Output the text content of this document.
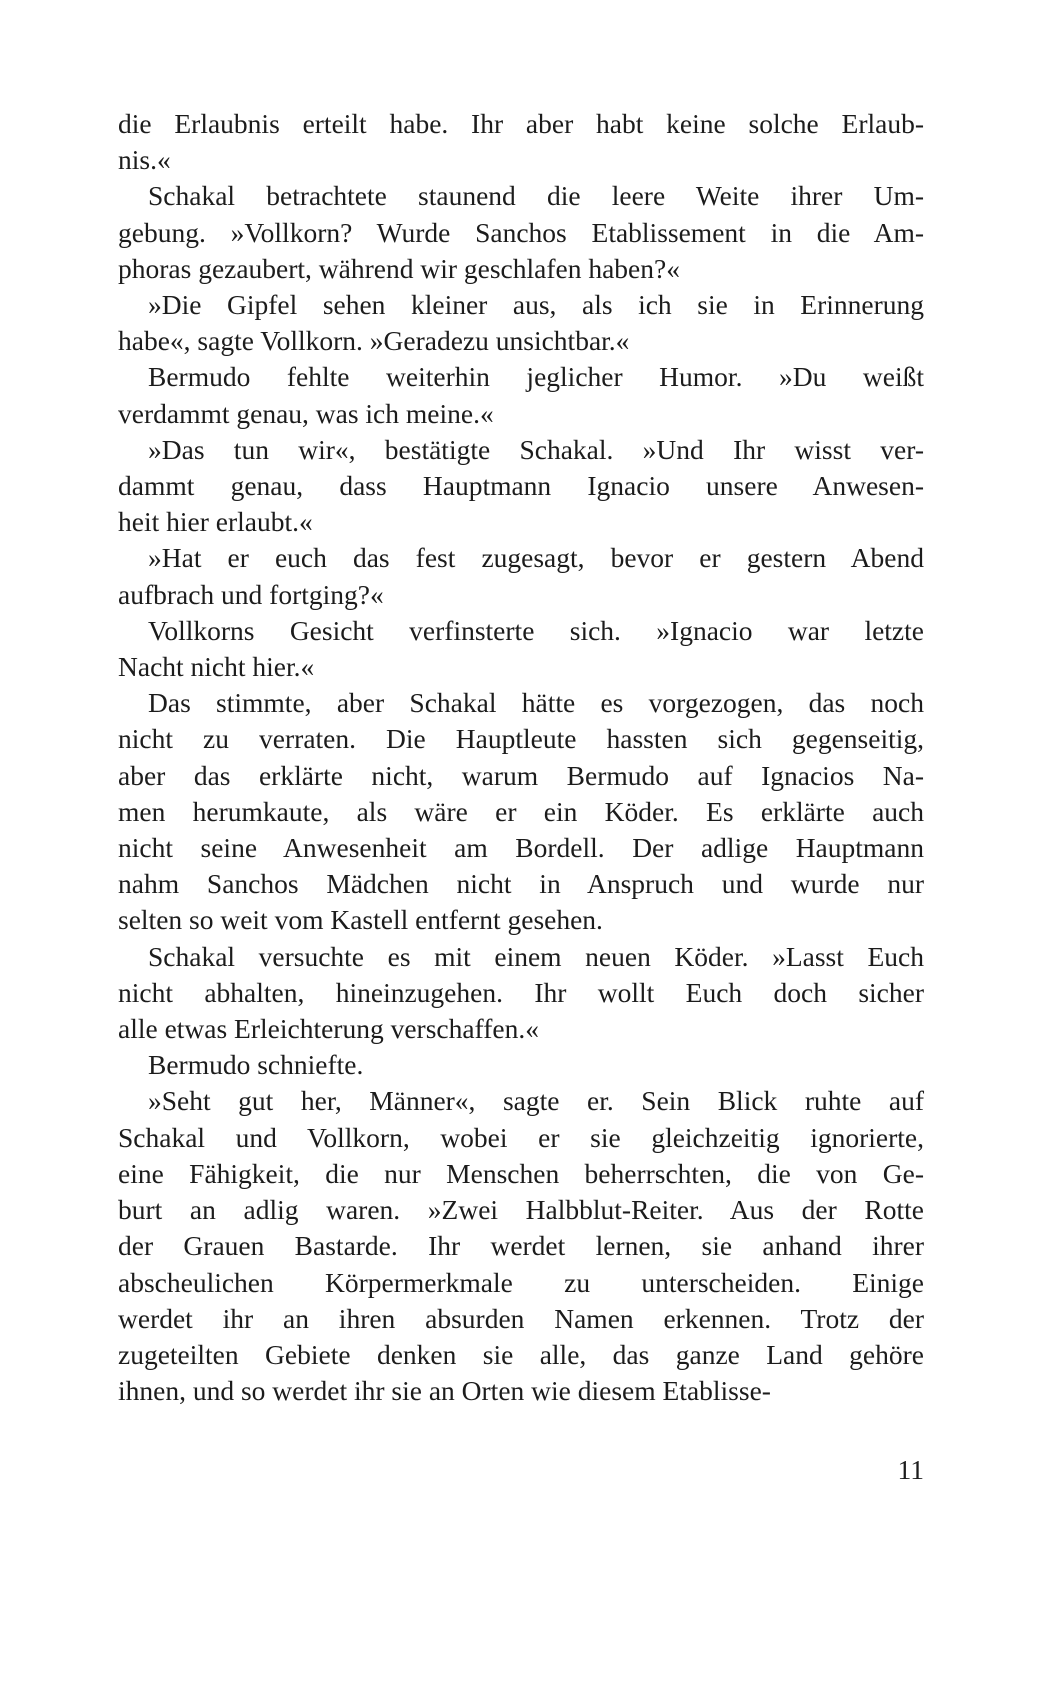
die Erlaubnis erteilt habe. Ihr aber habt keine solche Erlaub-
nis.«
Schakal betrachtete staunend die leere Weite ihrer Um-
gebung. »Vollkorn? Wurde Sanchos Etablissement in die Am-
phoras gezaubert, während wir geschlafen haben?«
»Die Gipfel sehen kleiner aus, als ich sie in Erinnerung
habe«, sagte Vollkorn. »Geradezu unsichtbar.«
Bermudo fehlte weiterhin jeglicher Humor. »Du weißt
verdammt genau, was ich meine.«
»Das tun wir«, bestätigte Schakal. »Und Ihr wisst ver-
dammt genau, dass Hauptmann Ignacio unsere Anwesen-
heit hier erlaubt.«
»Hat er euch das fest zugesagt, bevor er gestern Abend
aufbrach und fortging?«
Vollkorns Gesicht verfinsterte sich. »Ignacio war letzte
Nacht nicht hier.«
Das stimmte, aber Schakal hätte es vorgezogen, das noch
nicht zu verraten. Die Hauptleute hassten sich gegenseitig,
aber das erklärte nicht, warum Bermudo auf Ignacios Na-
men herumkaute, als wäre er ein Köder. Es erklärte auch
nicht seine Anwesenheit am Bordell. Der adlige Hauptmann
nahm Sanchos Mädchen nicht in Anspruch und wurde nur
selten so weit vom Kastell entfernt gesehen.
Schakal versuchte es mit einem neuen Köder. »Lasst Euch
nicht abhalten, hineinzugehen. Ihr wollt Euch doch sicher
alle etwas Erleichterung verschaffen.«
Bermudo schniefte.
»Seht gut her, Männer«, sagte er. Sein Blick ruhte auf
Schakal und Vollkorn, wobei er sie gleichzeitig ignorierte,
eine Fähigkeit, die nur Menschen beherrschten, die von Ge-
burt an adlig waren. »Zwei Halbblut-Reiter. Aus der Rotte
der Grauen Bastarde. Ihr werdet lernen, sie anhand ihrer
abscheulichen Körpermerkmale zu unterscheiden. Einige
werdet ihr an ihren absurden Namen erkennen. Trotz der
zugeteilten Gebiete denken sie alle, das ganze Land gehöre
ihnen, und so werdet ihr sie an Orten wie diesem Etablisse-
11
